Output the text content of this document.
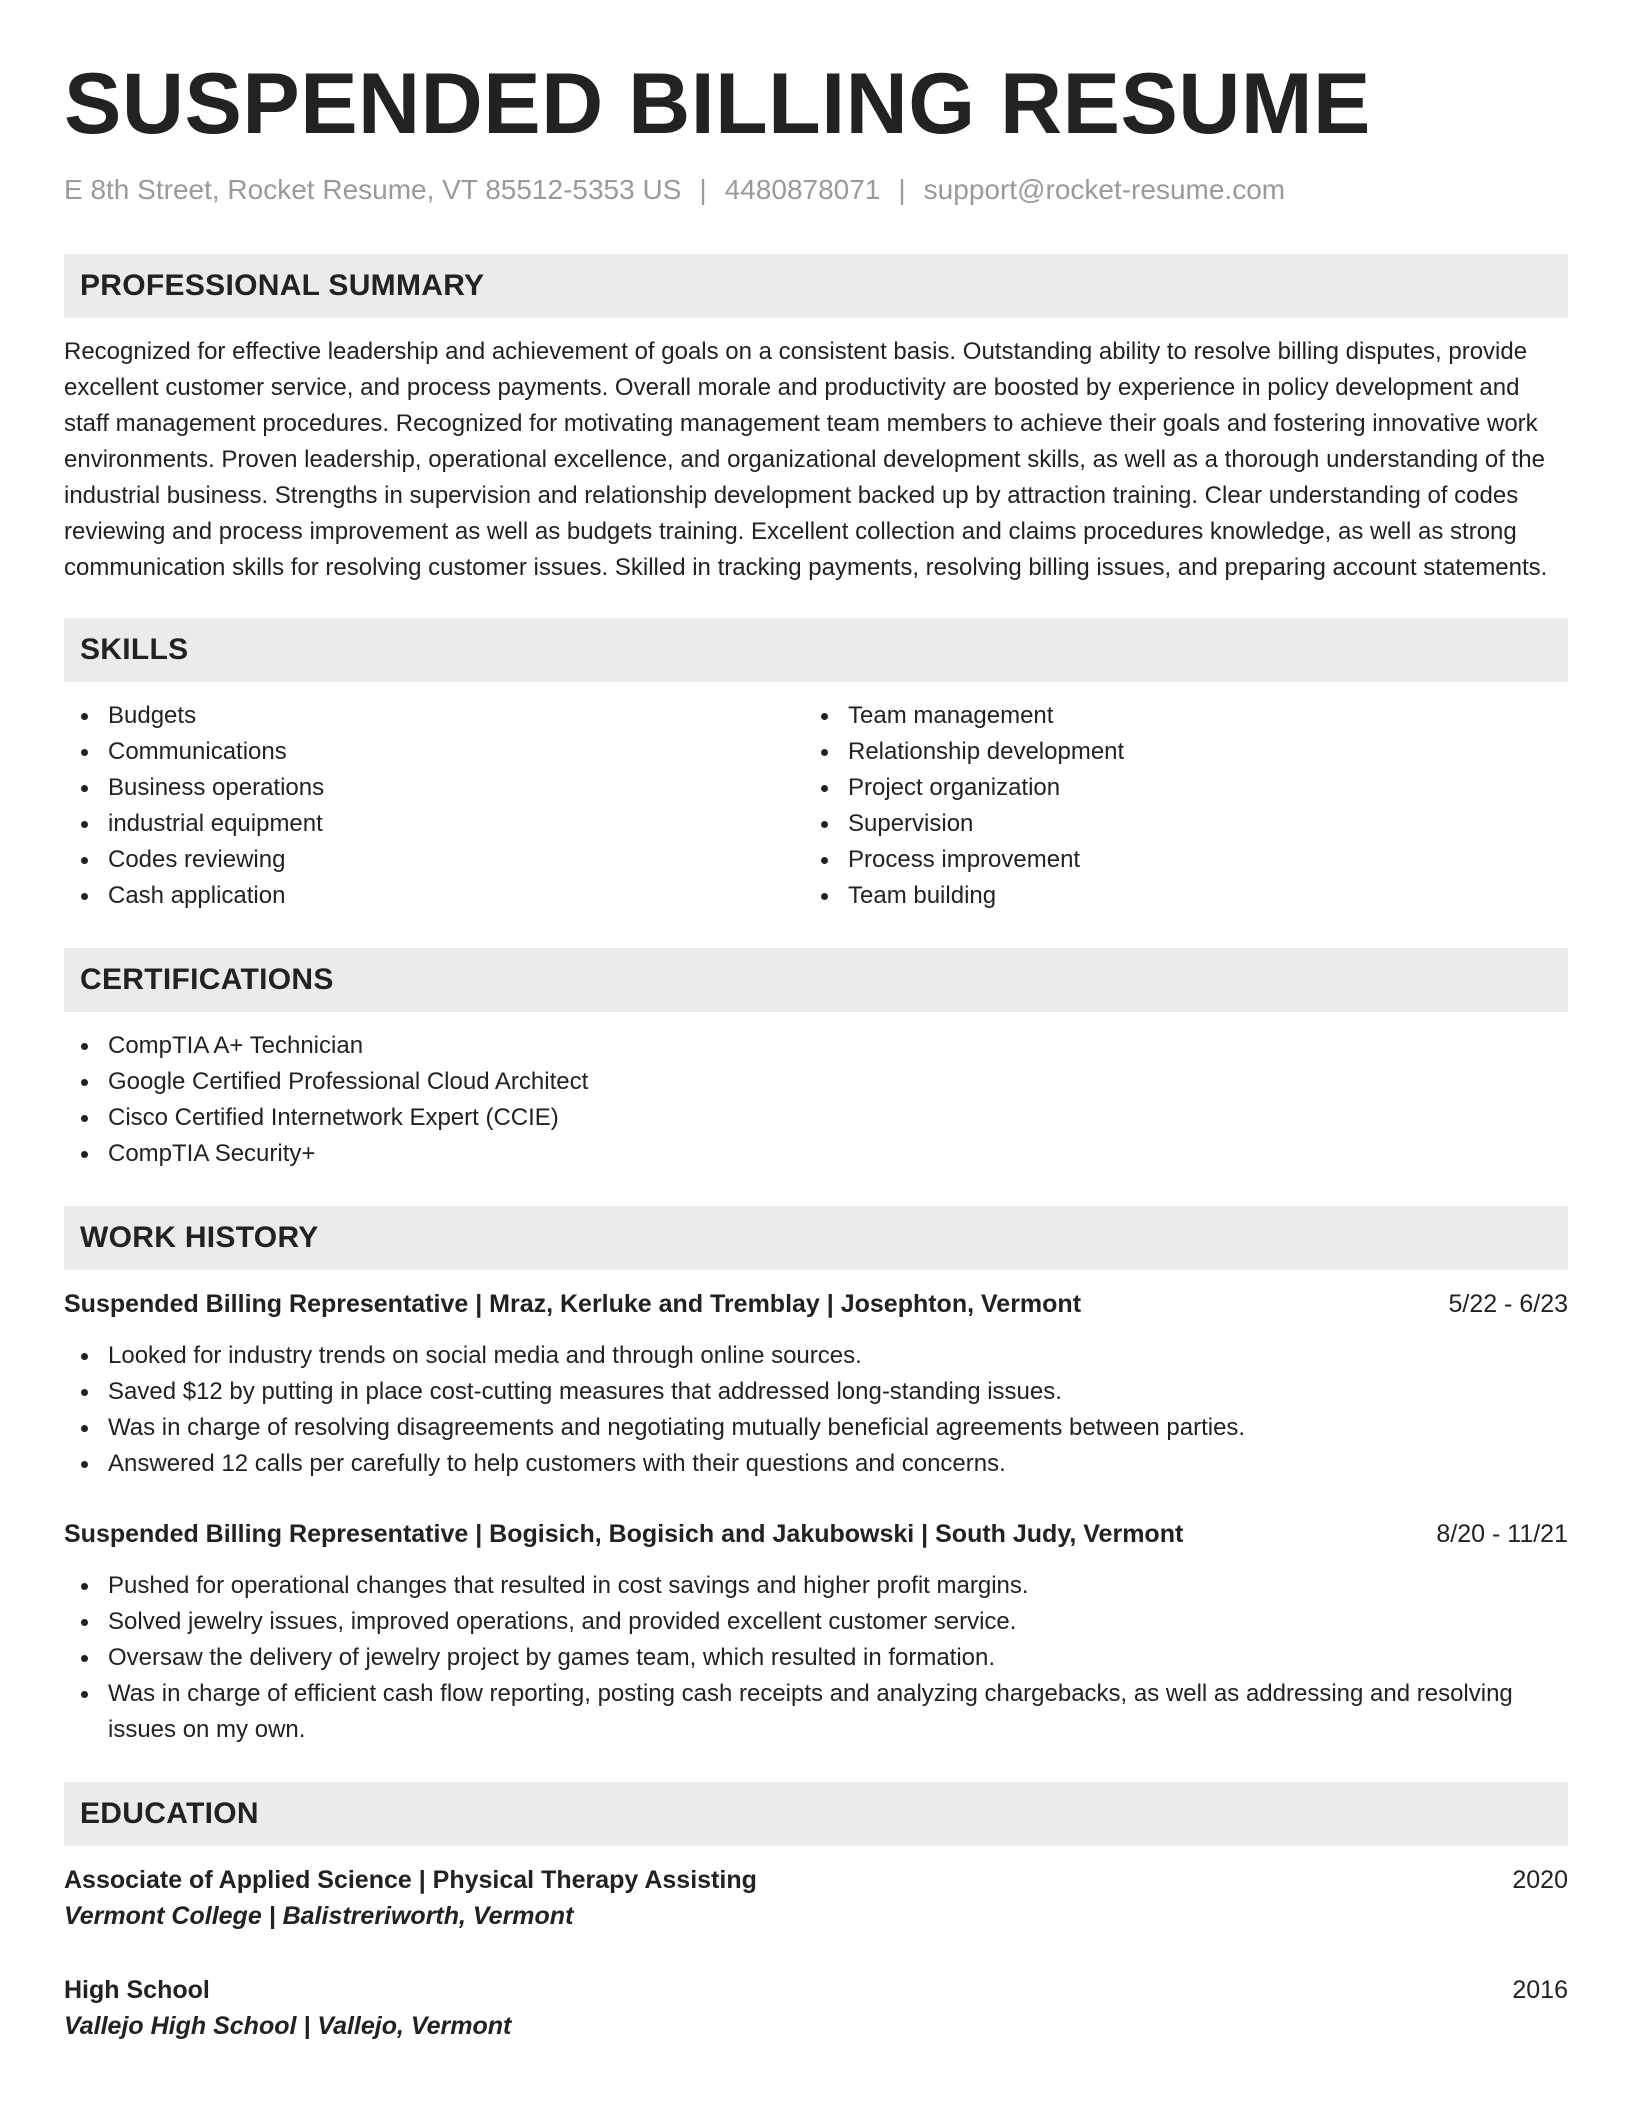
SUSPENDED BILLING RESUME
E 8th Street, Rocket Resume, VT 85512-5353 US | 4480878071 | support@rocket-resume.com
PROFESSIONAL SUMMARY

Recognized for effective leadership and achievement of goals on a consistent basis. Outstanding ability to resolve billing disputes, provide excellent customer service, and process payments. Overall morale and productivity are boosted by experience in policy development and staff management procedures. Recognized for motivating management team members to achieve their goals and fostering innovative work environments. Proven leadership, operational excellence, and organizational development skills, as well as a thorough understanding of the industrial business. Strengths in supervision and relationship development backed up by attraction training. Clear understanding of codes reviewing and process improvement as well as budgets training. Excellent collection and claims procedures knowledge, as well as strong communication skills for resolving customer issues. Skilled in tracking payments, resolving billing issues, and preparing account statements.

SKILLS
Budgets
Communications
Business operations
industrial equipment
Codes reviewing
Cash application
Team management
Relationship development
Project organization
Supervision
Process improvement
Team building
CERTIFICATIONS
CompTIA A+ Technician
Google Certified Professional Cloud Architect
Cisco Certified Internetwork Expert (CCIE)
CompTIA Security+
WORK HISTORY
Suspended Billing Representative | Mraz, Kerluke and Tremblay | Josephton, Vermont	5/22 - 6/23
Looked for industry trends on social media and through online sources.
Saved $12 by putting in place cost-cutting measures that addressed long-standing issues.
Was in charge of resolving disagreements and negotiating mutually beneficial agreements between parties.
Answered 12 calls per carefully to help customers with their questions and concerns.
Suspended Billing Representative | Bogisich, Bogisich and Jakubowski | South Judy, Vermont	8/20 - 11/21
Pushed for operational changes that resulted in cost savings and higher profit margins.
Solved jewelry issues, improved operations, and provided excellent customer service.
Oversaw the delivery of jewelry project by games team, which resulted in formation.
Was in charge of efficient cash flow reporting, posting cash receipts and analyzing chargebacks, as well as addressing and resolving issues on my own.
EDUCATION
Associate of Applied Science | Physical Therapy Assisting	2020
Vermont College | Balistreriworth, Vermont
High School	2016
Vallejo High School | Vallejo, Vermont
